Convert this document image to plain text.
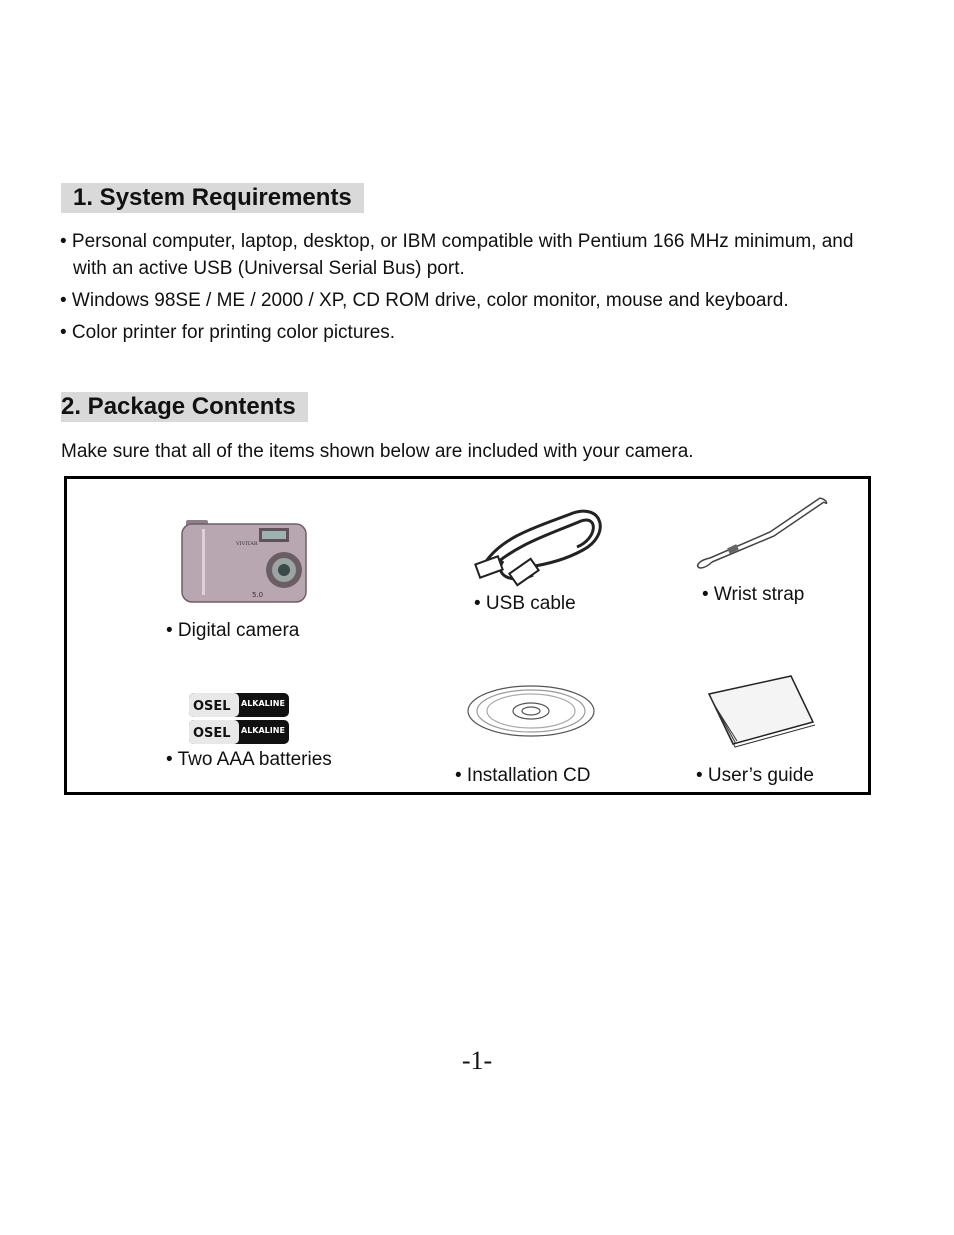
1. System Requirements
• Personal computer, laptop, desktop, or IBM compatible with Pentium 166 MHz minimum, and
with an active USB (Universal Serial Bus) port.
• Windows 98SE / ME / 2000 / XP, CD ROM drive, color monitor, mouse and keyboard.
• Color printer for printing color pictures.
2. Package Contents
Make sure that all of the items shown below are included with your camera.
VIVITAR
5.0
• Digital camera
• USB cable	• Wrist strap
OSEL ALKALINE
OSEL ALKALINE
• Two AAA batteries
• Installation CD	• User’s guide
-1-
